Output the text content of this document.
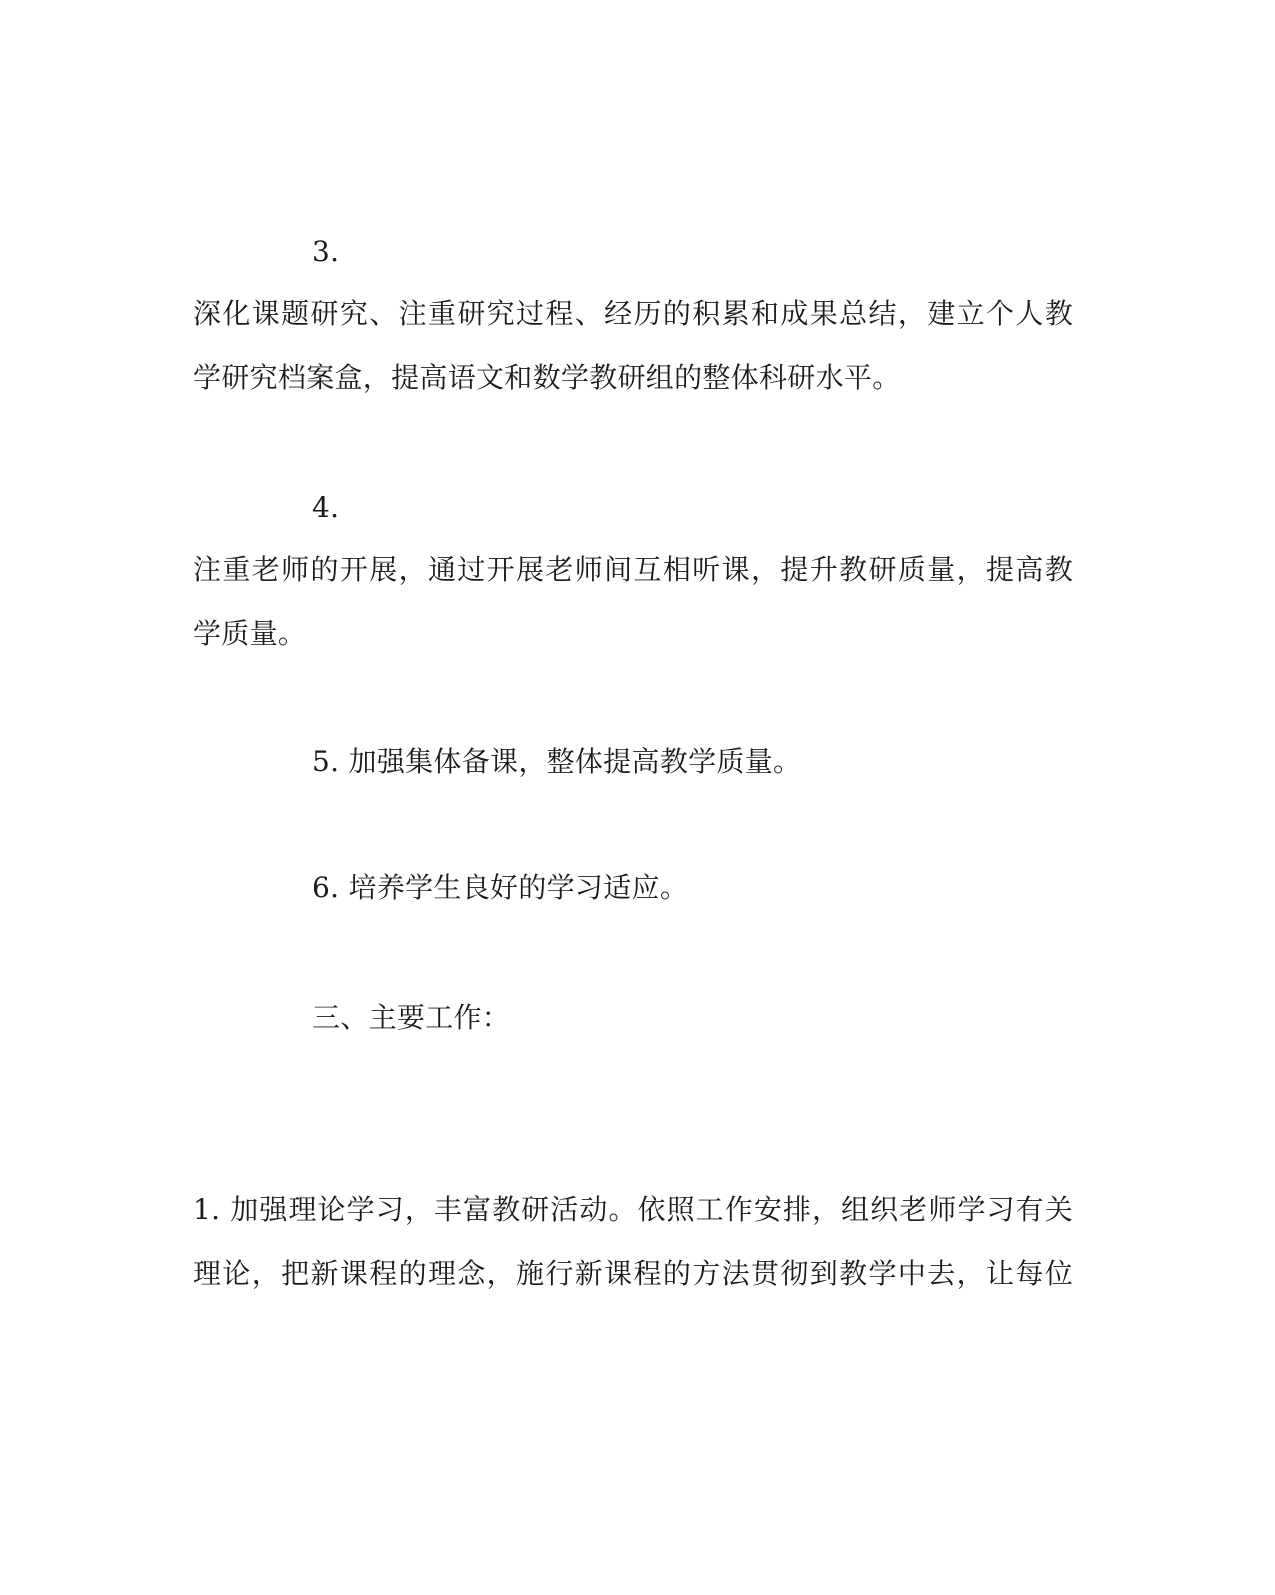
3.
深化课题研究、注重研究过程、经历的积累和成果总结，建立个人教
学研究档案盒，提高语文和数学教研组的整体科研水平。
4.
注重老师的开展，通过开展老师间互相听课，提升教研质量，提高教
学质量。
5. 加强集体备课，整体提高教学质量。
6. 培养学生良好的学习适应。
三、主要工作：
1. 加强理论学习，丰富教研活动。依照工作安排，组织老师学习有关
理论，把新课程的理念，施行新课程的方法贯彻到教学中去，让每位
